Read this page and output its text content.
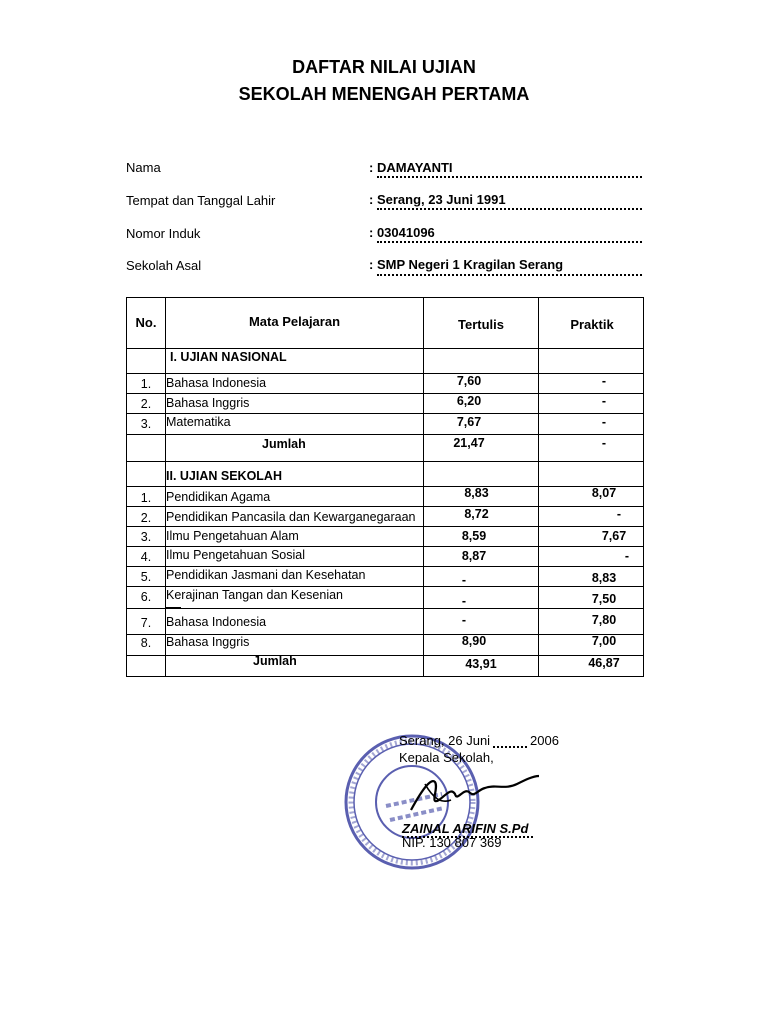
DAFTAR NILAI UJIAN
SEKOLAH MENENGAH PERTAMA
Nama	: DAMAYANTI
Tempat dan Tanggal Lahir	: Serang, 23 Juni 1991
Nomor Induk	: 03041096
Sekolah Asal	: SMP Negeri 1 Kragilan Serang
No.	Mata Pelajaran	Tertulis	Praktik
I. UJIAN NASIONAL
1.	Bahasa Indonesia	7,60	-
2.	Bahasa Inggris	6,20	-
3.	Matematika	7,67	-
Jumlah	21,47	-
II. UJIAN SEKOLAH
1.	Pendidikan Agama	8,83	8,07
2.	Pendidikan Pancasila dan Kewarganegaraan	8,72	-
3.	Ilmu Pengetahuan Alam	8,59	7,67
4.	Ilmu Pengetahuan Sosial	8,87	-
5.	Pendidikan Jasmani dan Kesehatan	-	8,83
6.	Kerajinan Tangan dan Kesenian	-	7,50
7.	Bahasa Indonesia	-	7,80
8.	Bahasa Inggris	8,90	7,00
Jumlah	43,91	46,87
Serang, 26 Juni	2006
Kepala Sekolah,
ZAINAL ARIFIN S.Pd
NIP. 130 807 369
